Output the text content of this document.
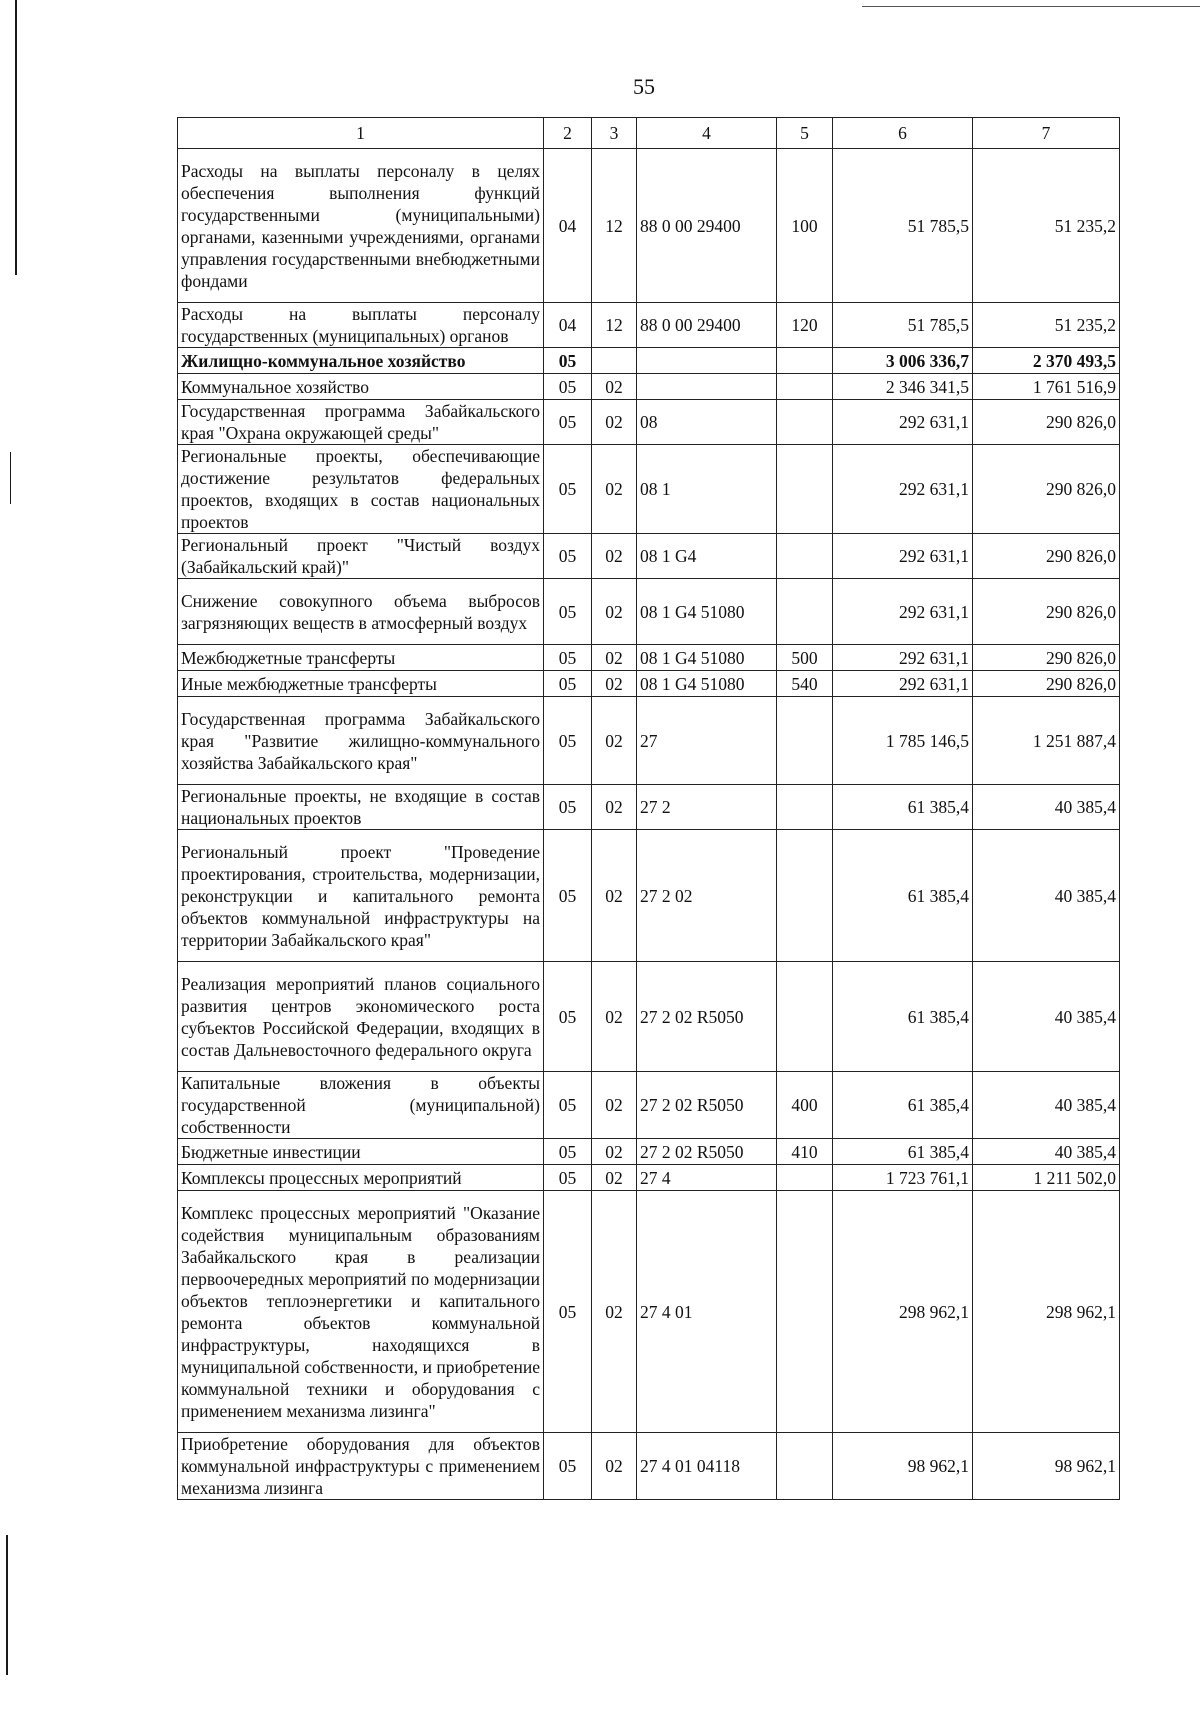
55
1	2	3	4	5	6	7
Расходы на выплаты персоналу в целях обеспечения выполнения функций государственными (муниципальными) органами, казенными учреждениями, органами управления государственными внебюджетными фондами	04	12	88 0 00 29400	100	51 785,5	51 235,2
Расходы на выплаты персоналу государственных (муниципальных) органов	04	12	88 0 00 29400	120	51 785,5	51 235,2
Жилищно-коммунальное хозяйство	05				3 006 336,7	2 370 493,5
Коммунальное хозяйство	05	02			2 346 341,5	1 761 516,9
Государственная программа Забайкальского края "Охрана окружающей среды"	05	02	08		292 631,1	290 826,0
Региональные проекты, обеспечивающие достижение результатов федеральных проектов, входящих в состав национальных проектов	05	02	08 1		292 631,1	290 826,0
Региональный проект "Чистый воздух (Забайкальский край)"	05	02	08 1 G4		292 631,1	290 826,0
Снижение совокупного объема выбросов загрязняющих веществ в атмосферный воздух	05	02	08 1 G4 51080		292 631,1	290 826,0
Межбюджетные трансферты	05	02	08 1 G4 51080	500	292 631,1	290 826,0
Иные межбюджетные трансферты	05	02	08 1 G4 51080	540	292 631,1	290 826,0
Государственная программа Забайкальского края "Развитие жилищно-коммунального хозяйства Забайкальского края"	05	02	27		1 785 146,5	1 251 887,4
Региональные проекты, не входящие в состав национальных проектов	05	02	27 2		61 385,4	40 385,4
Региональный проект "Проведение проектирования, строительства, модернизации, реконструкции и капитального ремонта объектов коммунальной инфраструктуры на территории Забайкальского края"	05	02	27 2 02		61 385,4	40 385,4
Реализация мероприятий планов социального развития центров экономического роста субъектов Российской Федерации, входящих в состав Дальневосточного федерального округа	05	02	27 2 02 R5050		61 385,4	40 385,4
Капитальные вложения в объекты государственной (муниципальной) собственности	05	02	27 2 02 R5050	400	61 385,4	40 385,4
Бюджетные инвестиции	05	02	27 2 02 R5050	410	61 385,4	40 385,4
Комплексы процессных мероприятий	05	02	27 4		1 723 761,1	1 211 502,0
Комплекс процессных мероприятий "Оказание содействия муниципальным образованиям Забайкальского края в реализации первоочередных мероприятий по модернизации объектов теплоэнергетики и капитального ремонта объектов коммунальной инфраструктуры, находящихся в муниципальной собственности, и приобретение коммунальной техники и оборудования с применением механизма лизинга"	05	02	27 4 01		298 962,1	298 962,1
Приобретение оборудования для объектов коммунальной инфраструктуры с применением механизма лизинга	05	02	27 4 01 04118		98 962,1	98 962,1
